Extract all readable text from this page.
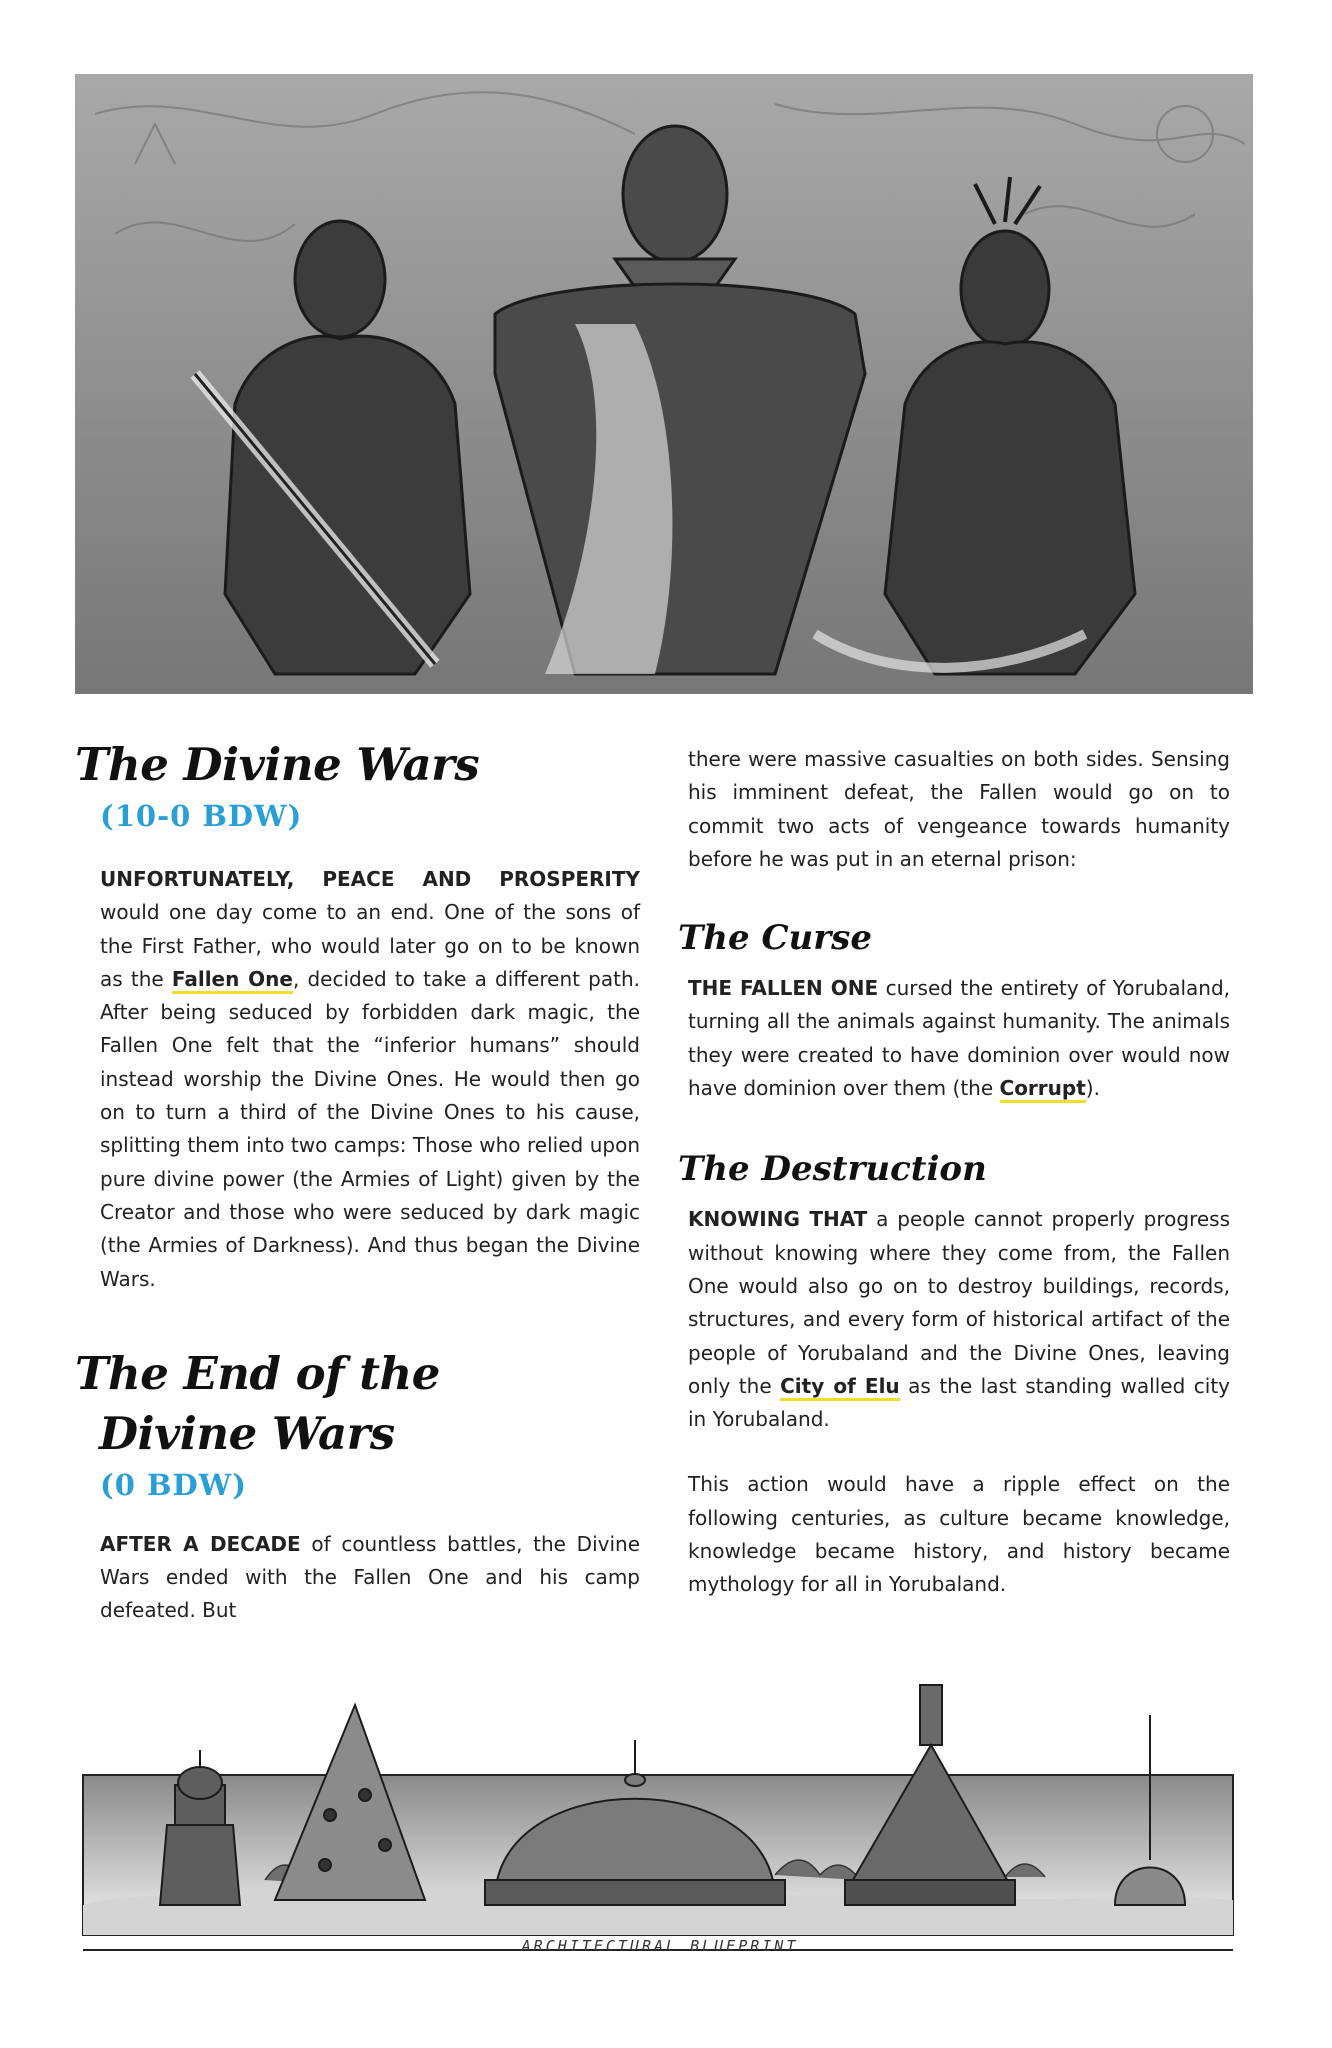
The Divine Wars
(10-0 BDW)

UNFORTUNATELY, PEACE AND PROSPERITY would one day come to an end. One of the sons of the First Father, who would later go on to be known as the Fallen One, decided to take a different path. After being seduced by forbidden dark magic, the Fallen One felt that the “inferior humans” should instead worship the Divine Ones. He would then go on to turn a third of the Divine Ones to his cause, splitting them into two camps: Those who relied upon pure divine power (the Armies of Light) given by the Creator and those who were seduced by dark magic (the Armies of Darkness). And thus began the Divine Wars.

The End of the
Divine Wars
(0 BDW)

AFTER A DECADE of countless battles, the Divine Wars ended with the Fallen One and his camp defeated. But

there were massive casualties on both sides. Sensing his imminent defeat, the Fallen would go on to commit two acts of vengeance towards humanity before he was put in an eternal prison:

The Curse

THE FALLEN ONE cursed the entirety of Yorubaland, turning all the animals against humanity. The animals they were created to have dominion over would now have dominion over them (the Corrupt).

The Destruction

KNOWING THAT a people cannot properly progress without knowing where they come from, the Fallen One would also go on to destroy buildings, records, structures, and every form of historical artifact of the people of Yorubaland and the Divine Ones, leaving only the City of Elu as the last standing walled city in Yorubaland.

This action would have a ripple effect on the following centuries, as culture became knowledge, knowledge became history, and history became mythology for all in Yorubaland.

ARCHITECTURAL BLUEPRINT
